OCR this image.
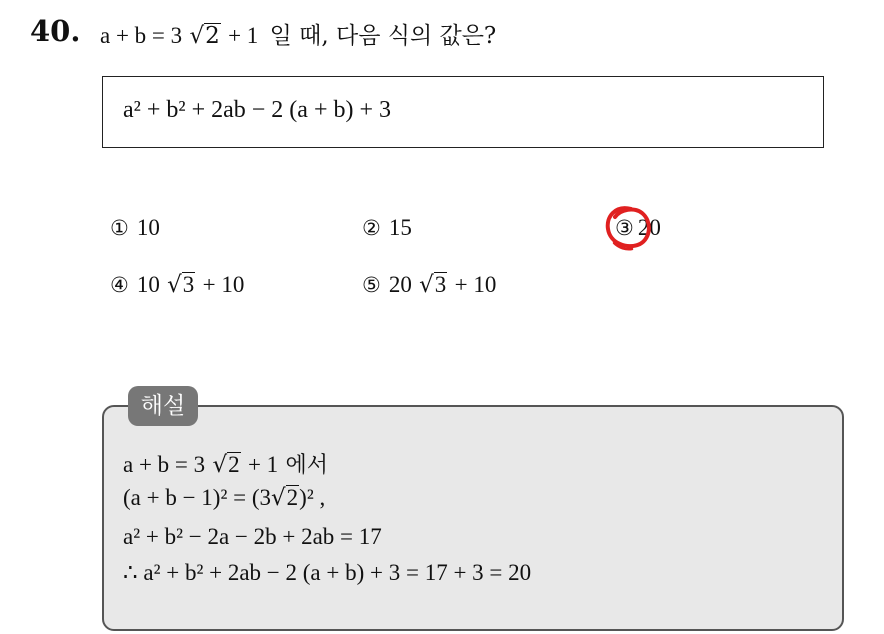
40. a + b = 3 √2 + 1 일 때, 다음 식의 값은?
a² + b² + 2ab − 2 (a + b) + 3
① 10	② 15	③ 20
④ 10 √3 + 10	⑤ 20 √3 + 10
해설
a + b = 3 √2 + 1 에서
(a + b − 1)² = (3√2)² ,
a² + b² − 2a − 2b + 2ab = 17
∴ a² + b² + 2ab − 2 (a + b) + 3 = 17 + 3 = 20
